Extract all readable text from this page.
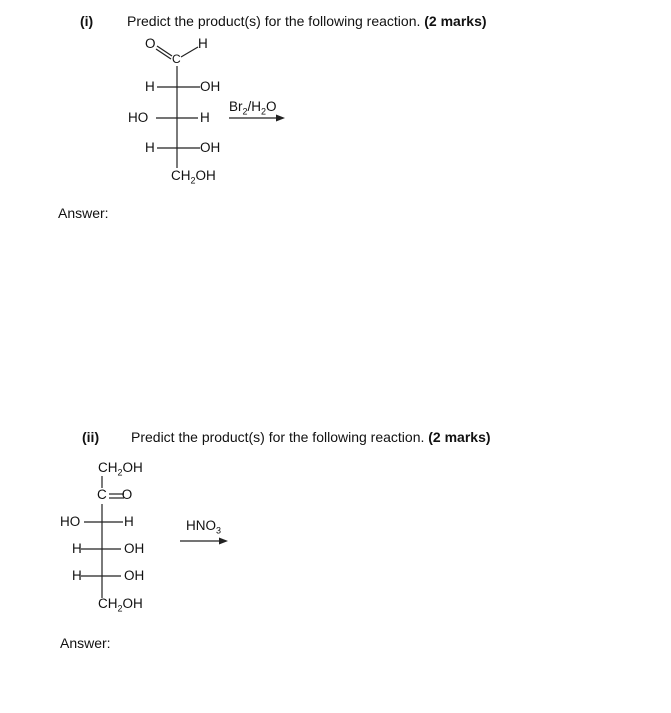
(i) Predict the product(s) for the following reaction. (2 marks)
O
C
H
H	OH
HO	H
H	OH
$CH_2OH$
$Br_2/H_2O$
Answer:
(ii) Predict the product(s) for the following reaction. (2 marks)
$CH_2OH$
C O
HO	H
H	OH
H	OH
$CH_2OH$
$HNO_3$
Answer:
